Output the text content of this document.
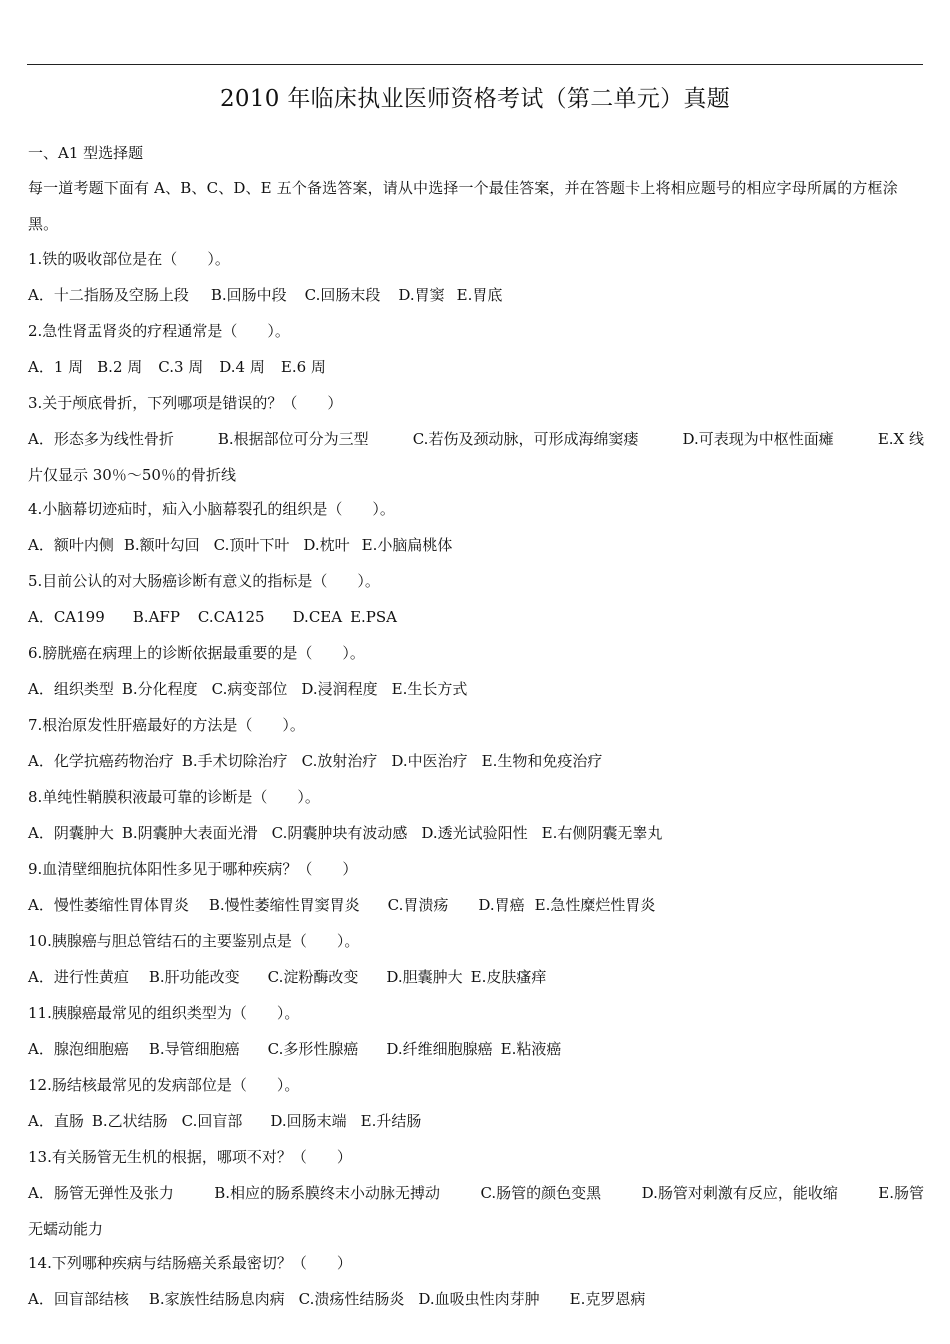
2010 年临床执业医师资格考试（第二单元）真题
一、A1 型选择题
每一道考题下面有 A、B、C、D、E 五个备选答案，请从中选择一个最佳答案，并在答题卡上将相应题号的相应字母所属的方框涂黑。
1.铁的吸收部位是在（　　）。
A．十二指肠及空肠上段 B.回肠中段 C.回肠末段 D.胃窦 E.胃底
2.急性肾盂肾炎的疗程通常是（　　）。
A．1 周 B.2 周 C.3 周 D.4 周 E.6 周
3.关于颅底骨折，下列哪项是错误的？（　　）
A．形态多为线性骨折	B.根据部位可分为三型	C.若伤及颈动脉，可形成海绵窦瘘	D.可表现为中枢性面瘫	E.X 线
片仅显示 30％～50％的骨折线
4.小脑幕切迹疝时，疝入小脑幕裂孔的组织是（　　）。
A．额叶内侧 B.额叶勾回 C.顶叶下叶 D.枕叶 E.小脑扁桃体
5.目前公认的对大肠癌诊断有意义的指标是（　　）。
A．CA199 B.AFP C.CA125 D.CEA E.PSA
6.膀胱癌在病理上的诊断依据最重要的是（　　）。
A．组织类型 B.分化程度 C.病变部位 D.浸润程度 E.生长方式
7.根治原发性肝癌最好的方法是（　　）。
A．化学抗癌药物治疗 B.手术切除治疗 C.放射治疗 D.中医治疗 E.生物和免疫治疗
8.单纯性鞘膜积液最可靠的诊断是（　　）。
A．阴囊肿大 B.阴囊肿大表面光滑 C.阴囊肿块有波动感 D.透光试验阳性 E.右侧阴囊无睾丸
9.血清壁细胞抗体阳性多见于哪种疾病？（　　）
A．慢性萎缩性胃体胃炎 B.慢性萎缩性胃窦胃炎 C.胃溃疡 D.胃癌 E.急性糜烂性胃炎
10.胰腺癌与胆总管结石的主要鉴别点是（　　）。
A．进行性黄疸 B.肝功能改变 C.淀粉酶改变 D.胆囊肿大 E.皮肤瘙痒
11.胰腺癌最常见的组织类型为（　　）。
A．腺泡细胞癌 B.导管细胞癌 C.多形性腺癌 D.纤维细胞腺癌 E.粘液癌
12.肠结核最常见的发病部位是（　　）。
A．直肠 B.乙状结肠 C.回盲部 D.回肠末端 E.升结肠
13.有关肠管无生机的根据，哪项不对？（　　）
A．肠管无弹性及张力	B.相应的肠系膜终末小动脉无搏动	C.肠管的颜色变黑	D.肠管对刺激有反应，能收缩	E.肠管
无蠕动能力
14.下列哪种疾病与结肠癌关系最密切？（　　）
A．回盲部结核 B.家族性结肠息肉病 C.溃疡性结肠炎 D.血吸虫性肉芽肿 E.克罗恩病
